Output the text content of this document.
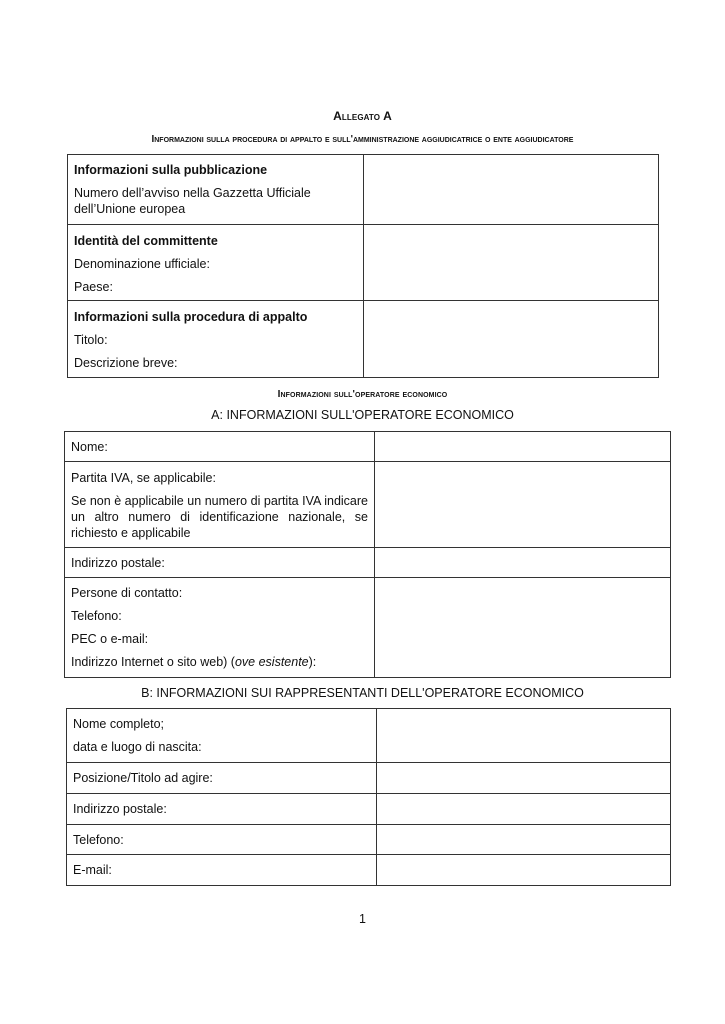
Allegato A
Informazioni sulla procedura di appalto e sull'amministrazione aggiudicatrice o ente aggiudicatore
Informazioni sulla pubblicazione
Numero dell’avviso nella Gazzetta Ufficiale
dell’Unione europea	

Identità del committente
Denominazione ufficiale:
Paese:	

Informazioni sulla procedura di appalto
Titolo:
Descrizione breve:	

Informazioni sull'operatore economico
A: INFORMAZIONI SULL'OPERATORE ECONOMICO
Nome:	

Partita IVA, se applicabile:
Se non è applicabile un numero di partita IVA indicare un altro numero di identificazione nazionale, se richiesto e applicabile	

Indirizzo postale:	

Persone di contatto:
Telefono:
PEC o e-mail:
Indirizzo Internet o sito web) (ove esistente):	

B: INFORMAZIONI SUI RAPPRESENTANTI DELL'OPERATORE ECONOMICO
Nome completo;
data e luogo di nascita:	

Posizione/Titolo ad agire:	

Indirizzo postale:	

Telefono:	

E-mail:	

1
